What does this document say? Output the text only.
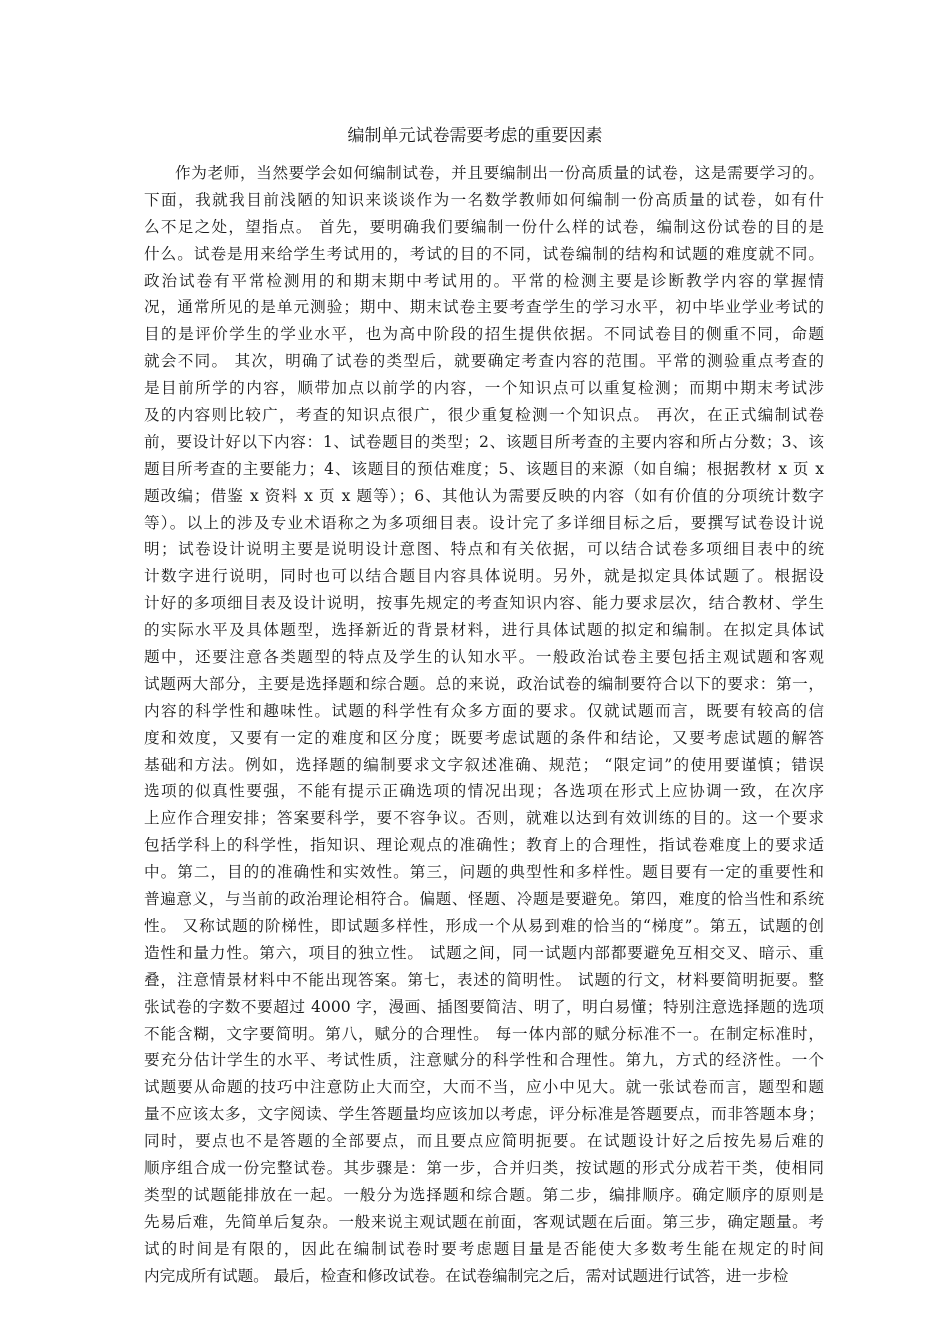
编制单元试卷需要考虑的重要因素
作为老师，当然要学会如何编制试卷，并且要编制出一份高质量的试卷，这是需要学习的。
下面，我就我目前浅陋的知识来谈谈作为一名数学教师如何编制一份高质量的试卷，如有什
么不足之处，望指点。 首先，要明确我们要编制一份什么样的试卷，编制这份试卷的目的是
什么。试卷是用来给学生考试用的，考试的目的不同，试卷编制的结构和试题的难度就不同。
政治试卷有平常检测用的和期末期中考试用的。平常的检测主要是诊断教学内容的掌握情
况，通常所见的是单元测验；期中、期末试卷主要考查学生的学习水平，初中毕业学业考试的
目的是评价学生的学业水平，也为高中阶段的招生提供依据。不同试卷目的侧重不同，命题
就会不同。 其次，明确了试卷的类型后，就要确定考查内容的范围。平常的测验重点考查的
是目前所学的内容，顺带加点以前学的内容，一个知识点可以重复检测；而期中期末考试涉
及的内容则比较广，考查的知识点很广，很少重复检测一个知识点。 再次，在正式编制试卷
前，要设计好以下内容：1、试卷题目的类型；2、该题目所考查的主要内容和所占分数；3、该
题目所考查的主要能力；4、该题目的预估难度；5、该题目的来源（如自编；根据教材 x 页 x
题改编；借鉴 x 资料 x 页 x 题等）；6、其他认为需要反映的内容（如有价值的分项统计数字
等）。以上的涉及专业术语称之为多项细目表。设计完了多详细目标之后，要撰写试卷设计说
明；试卷设计说明主要是说明设计意图、特点和有关依据，可以结合试卷多项细目表中的统
计数字进行说明，同时也可以结合题目内容具体说明。另外，就是拟定具体试题了。根据设
计好的多项细目表及设计说明，按事先规定的考查知识内容、能力要求层次，结合教材、学生
的实际水平及具体题型，选择新近的背景材料，进行具体试题的拟定和编制。在拟定具体试
题中，还要注意各类题型的特点及学生的认知水平。一般政治试卷主要包括主观试题和客观
试题两大部分，主要是选择题和综合题。总的来说，政治试卷的编制要符合以下的要求：第一，
内容的科学性和趣味性。试题的科学性有众多方面的要求。仅就试题而言，既要有较高的信
度和效度，又要有一定的难度和区分度；既要考虑试题的条件和结论，又要考虑试题的解答
基础和方法。例如，选择题的编制要求文字叙述准确、规范； “限定词”的使用要谨慎；错误
选项的似真性要强，不能有提示正确选项的情况出现；各选项在形式上应协调一致，在次序
上应作合理安排；答案要科学，要不容争议。否则，就难以达到有效训练的目的。这一个要求
包括学科上的科学性，指知识、理论观点的准确性；教育上的合理性，指试卷难度上的要求适
中。第二，目的的准确性和实效性。第三，问题的典型性和多样性。题目要有一定的重要性和
普遍意义，与当前的政治理论相符合。偏题、怪题、冷题是要避免。第四，难度的恰当性和系统
性。 又称试题的阶梯性，即试题多样性，形成一个从易到难的恰当的“梯度”。第五，试题的创
造性和量力性。第六，项目的独立性。 试题之间，同一试题内部都要避免互相交叉、暗示、重
叠，注意情景材料中不能出现答案。第七，表述的简明性。 试题的行文，材料要简明扼要。整
张试卷的字数不要超过 4000 字，漫画、插图要简洁、明了，明白易懂；特别注意选择题的选项
不能含糊，文字要简明。第八，赋分的合理性。 每一体内部的赋分标准不一。在制定标准时，
要充分估计学生的水平、考试性质，注意赋分的科学性和合理性。第九，方式的经济性。一个
试题要从命题的技巧中注意防止大而空，大而不当，应小中见大。就一张试卷而言，题型和题
量不应该太多，文字阅读、学生答题量均应该加以考虑，评分标准是答题要点，而非答题本身；
同时，要点也不是答题的全部要点，而且要点应简明扼要。在试题设计好之后按先易后难的
顺序组合成一份完整试卷。其步骤是：第一步，合并归类，按试题的形式分成若干类，使相同
类型的试题能排放在一起。一般分为选择题和综合题。第二步，编排顺序。确定顺序的原则是
先易后难，先简单后复杂。一般来说主观试题在前面，客观试题在后面。第三步，确定题量。考
试的时间是有限的，因此在编制试卷时要考虑题目量是否能使大多数考生能在规定的时间
内完成所有试题。 最后，检查和修改试卷。在试卷编制完之后，需对试题进行试答，进一步检
